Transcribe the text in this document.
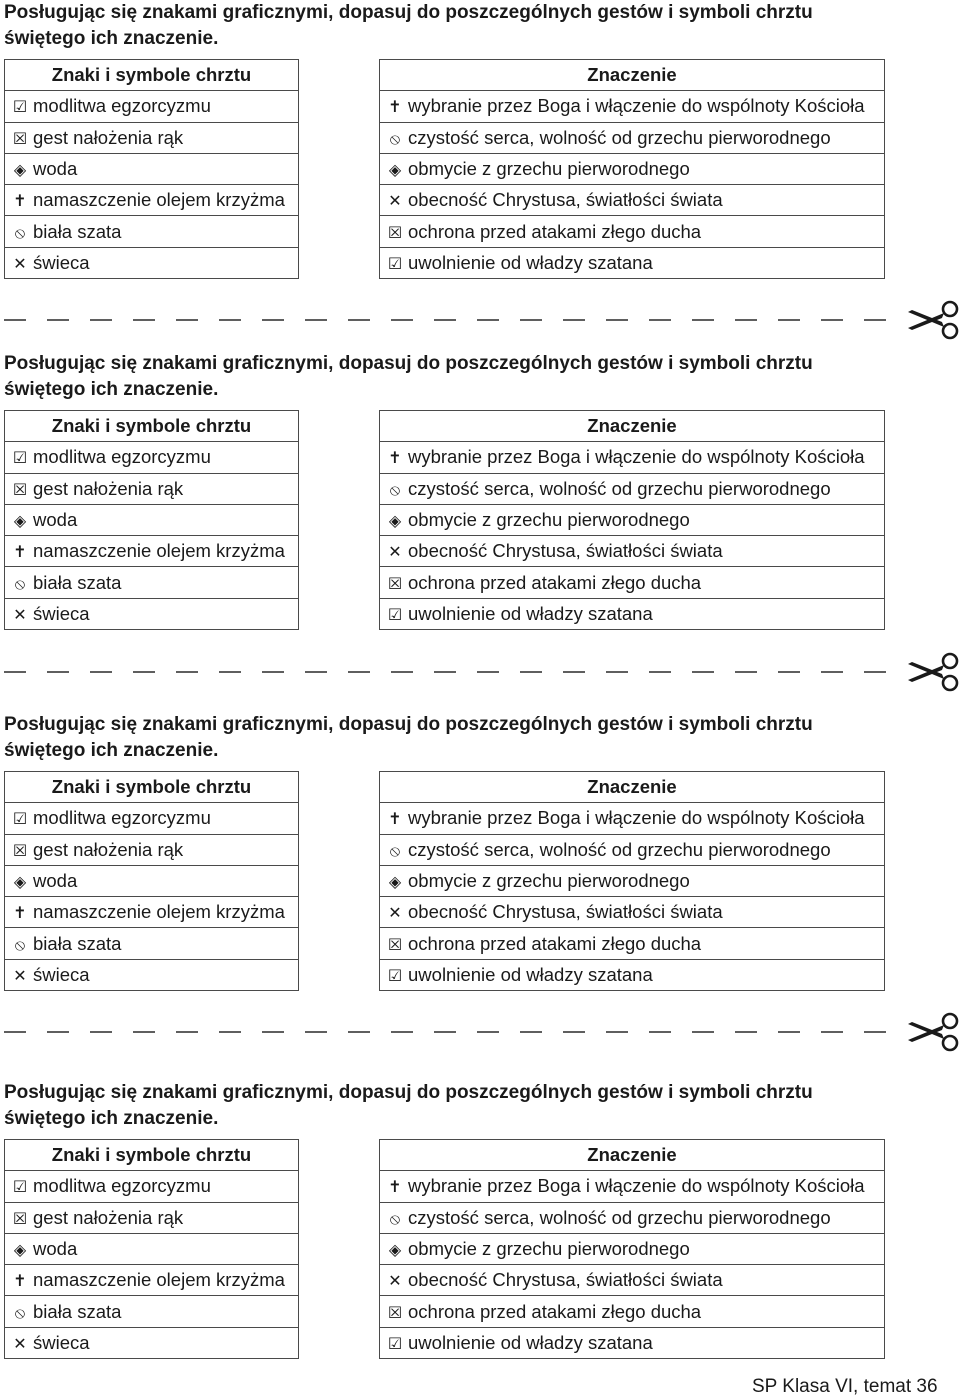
Posługując się znakami graficznymi, dopasuj do poszczególnych gestów i symboli chrztu świętego ich znaczenie.
Znaki i symbole chrztu
☑ modlitwa egzorcyzmu
☒ gest nałożenia rąk
◈ woda
✝ namaszczenie olejem krzyżma
⦸ biała szata
✕ świeca
Znaczenie
✝ wybranie przez Boga i włączenie do wspólnoty Kościoła
⦸ czystość serca, wolność od grzechu pierworodnego
◈ obmycie z grzechu pierworodnego
✕ obecność Chrystusa, światłości świata
☒ ochrona przed atakami złego ducha
☑ uwolnienie od władzy szatana
Posługując się znakami graficznymi, dopasuj do poszczególnych gestów i symboli chrztu świętego ich znaczenie.
Znaki i symbole chrztu
☑ modlitwa egzorcyzmu
☒ gest nałożenia rąk
◈ woda
✝ namaszczenie olejem krzyżma
⦸ biała szata
✕ świeca
Znaczenie
✝ wybranie przez Boga i włączenie do wspólnoty Kościoła
⦸ czystość serca, wolność od grzechu pierworodnego
◈ obmycie z grzechu pierworodnego
✕ obecność Chrystusa, światłości świata
☒ ochrona przed atakami złego ducha
☑ uwolnienie od władzy szatana
Posługując się znakami graficznymi, dopasuj do poszczególnych gestów i symboli chrztu świętego ich znaczenie.
Znaki i symbole chrztu
☑ modlitwa egzorcyzmu
☒ gest nałożenia rąk
◈ woda
✝ namaszczenie olejem krzyżma
⦸ biała szata
✕ świeca
Znaczenie
✝ wybranie przez Boga i włączenie do wspólnoty Kościoła
⦸ czystość serca, wolność od grzechu pierworodnego
◈ obmycie z grzechu pierworodnego
✕ obecność Chrystusa, światłości świata
☒ ochrona przed atakami złego ducha
☑ uwolnienie od władzy szatana
Posługując się znakami graficznymi, dopasuj do poszczególnych gestów i symboli chrztu świętego ich znaczenie.
Znaki i symbole chrztu
☑ modlitwa egzorcyzmu
☒ gest nałożenia rąk
◈ woda
✝ namaszczenie olejem krzyżma
⦸ biała szata
✕ świeca
Znaczenie
✝ wybranie przez Boga i włączenie do wspólnoty Kościoła
⦸ czystość serca, wolność od grzechu pierworodnego
◈ obmycie z grzechu pierworodnego
✕ obecność Chrystusa, światłości świata
☒ ochrona przed atakami złego ducha
☑ uwolnienie od władzy szatana
SP Klasa VI, temat 36
